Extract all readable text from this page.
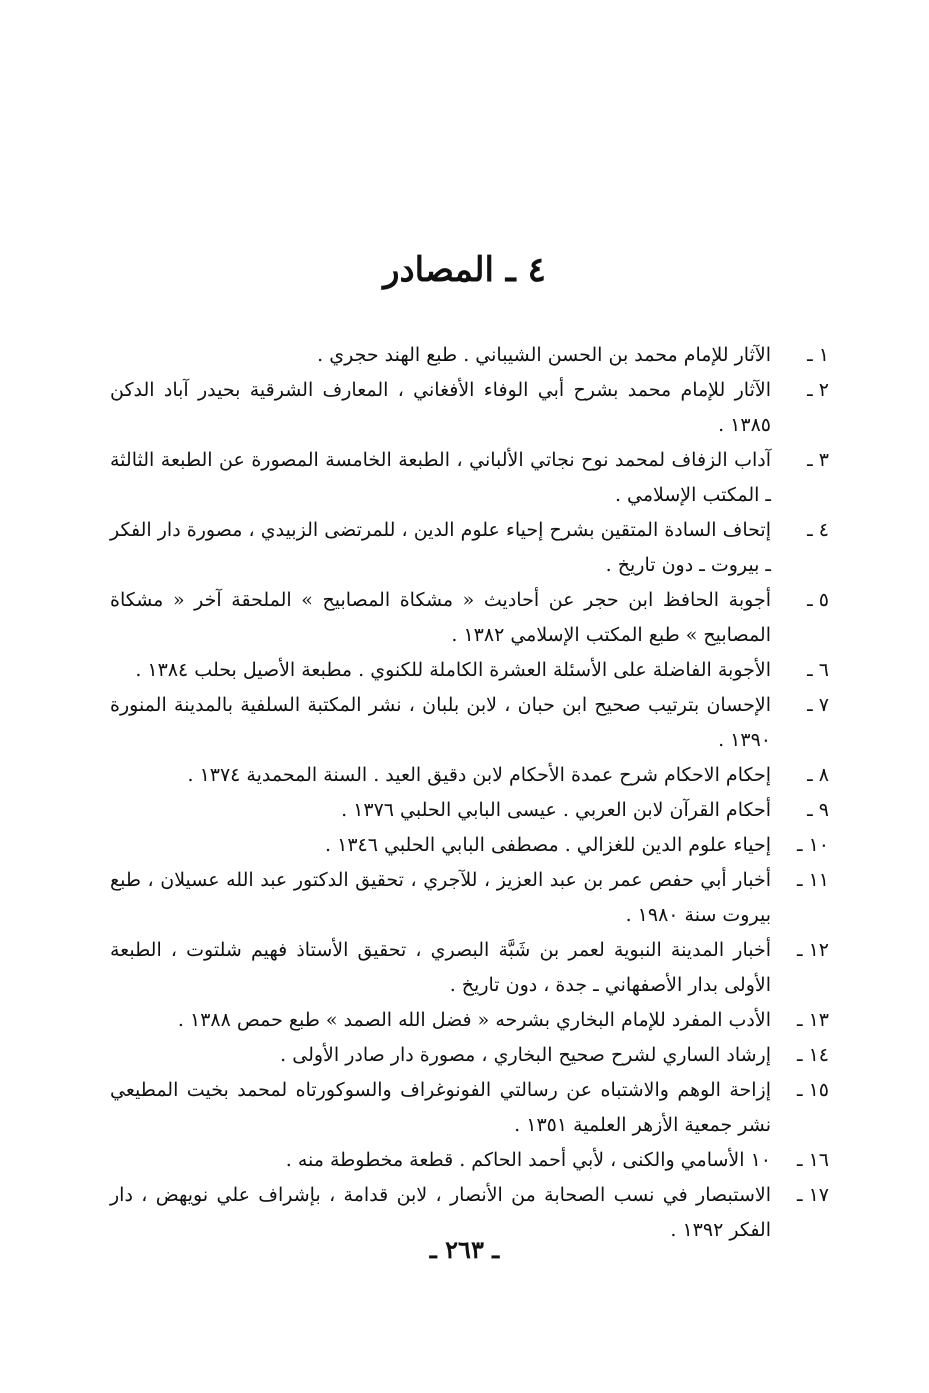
٤ ـ المصادر
١ ـ
الآثار للإمام محمد بن الحسن الشيباني . طبع الهند حجري .
٢ ـ
الآثار للإمام محمد بشرح أبي الوفاء الأفغاني ، المعارف الشرقية بحيدر آباد الدكن ١٣٨٥ .
٣ ـ
آداب الزفاف لمحمد نوح نجاتي الألباني ، الطبعة الخامسة المصورة عن الطبعة الثالثة ـ المكتب الإسلامي .
٤ ـ
إتحاف السادة المتقين بشرح إحياء علوم الدين ، للمرتضى الزبيدي ، مصورة دار الفكر ـ بيروت ـ دون تاريخ .
٥ ـ
أجوبة الحافظ ابن حجر عن أحاديث « مشكاة المصابيح » الملحقة آخر « مشكاة المصابيح » طبع المكتب الإسلامي ١٣٨٢ .
٦ ـ
الأجوبة الفاضلة على الأسئلة العشرة الكاملة للكنوي . مطبعة الأصيل بحلب ١٣٨٤ .
٧ ـ
الإحسان بترتيب صحيح ابن حبان ، لابن بلبان ، نشر المكتبة السلفية بالمدينة المنورة ١٣٩٠ .
٨ ـ
إحكام الاحكام شرح عمدة الأحكام لابن دقيق العيد . السنة المحمدية ١٣٧٤ .
٩ ـ
أحكام القرآن لابن العربي . عيسى البابي الحلبي ١٣٧٦ .
١٠ ـ
إحياء علوم الدين للغزالي . مصطفى البابي الحلبي ١٣٤٦ .
١١ ـ
أخبار أبي حفص عمر بن عبد العزيز ، للآجري ، تحقيق الدكتور عبد الله عسيلان ، طبع بيروت سنة ١٩٨٠ .
١٢ ـ
أخبار المدينة النبوية لعمر بن شَبَّة البصري ، تحقيق الأستاذ فهيم شلتوت ، الطبعة الأولى بدار الأصفهاني ـ جدة ، دون تاريخ .
١٣ ـ
الأدب المفرد للإمام البخاري بشرحه « فضل الله الصمد » طبع حمص ١٣٨٨ .
١٤ ـ
إرشاد الساري لشرح صحيح البخاري ، مصورة دار صادر الأولى .
١٥ ـ
إزاحة الوهم والاشتباه عن رسالتي الفونوغراف والسوكورتاه لمحمد بخيت المطيعي نشر جمعية الأزهر العلمية ١٣٥١ .
١٦ ـ
١٠ الأسامي والكنى ، لأبي أحمد الحاكم . قطعة مخطوطة منه .
١٧ ـ
الاستبصار في نسب الصحابة من الأنصار ، لابن قدامة ، بإشراف علي نويهض ، دار الفكر ١٣٩٢ .
ـ ٢٦٣ ـ
